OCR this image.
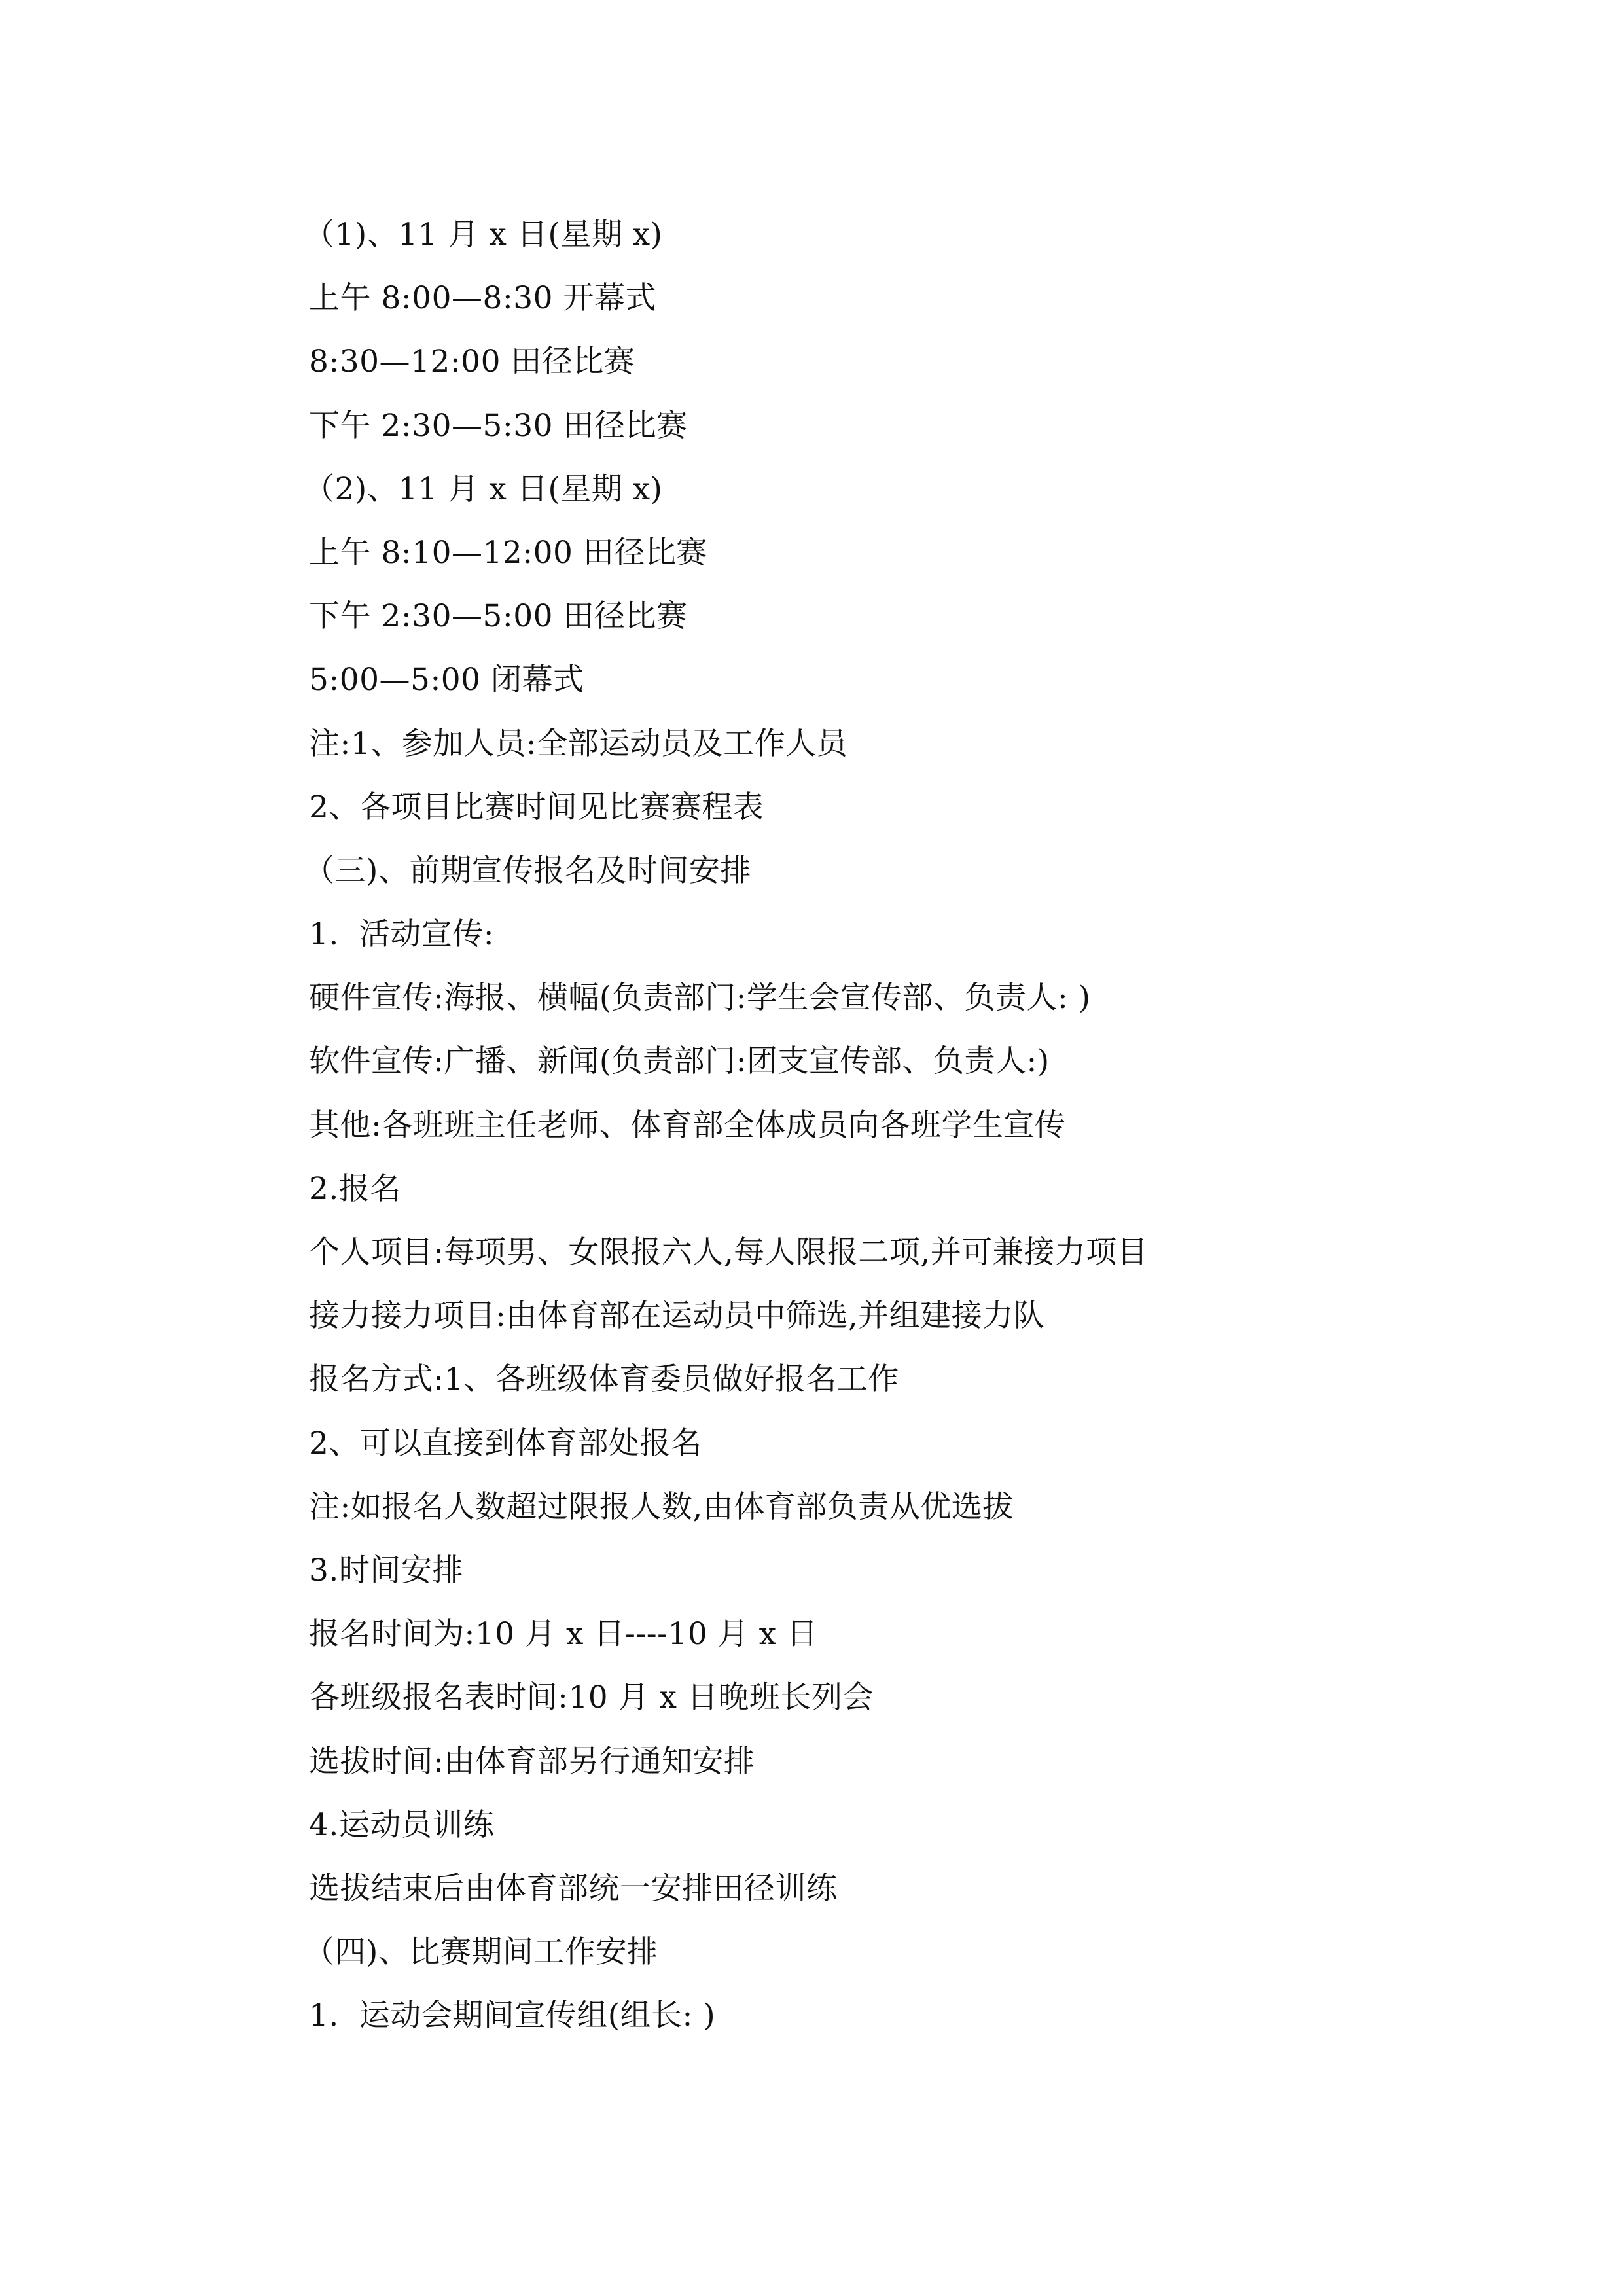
（1)、11 月 x 日(星期 x)
上午 8:00—8:30 开幕式
8:30—12:00 田径比赛
下午 2:30—5:30 田径比赛
（2)、11 月 x 日(星期 x)
上午 8:10—12:00 田径比赛
下午 2:30—5:00 田径比赛
5:00—5:00 闭幕式
注:1、参加人员:全部运动员及工作人员
2、各项目比赛时间见比赛赛程表
（三)、前期宣传报名及时间安排
1.  活动宣传:
硬件宣传:海报、横幅(负责部门:学生会宣传部、负责人: )
软件宣传:广播、新闻(负责部门:团支宣传部、负责人:)
其他:各班班主任老师、体育部全体成员向各班学生宣传
2.报名
个人项目:每项男、女限报六人,每人限报二项,并可兼接力项目
接力接力项目:由体育部在运动员中筛选,并组建接力队
报名方式:1、各班级体育委员做好报名工作
2、可以直接到体育部处报名
注:如报名人数超过限报人数,由体育部负责从优选拔
3.时间安排
报名时间为:10 月 x 日----10 月 x 日
各班级报名表时间:10 月 x 日晚班长列会
选拔时间:由体育部另行通知安排
4.运动员训练
选拔结束后由体育部统一安排田径训练
（四)、比赛期间工作安排
1.  运动会期间宣传组(组长: )
